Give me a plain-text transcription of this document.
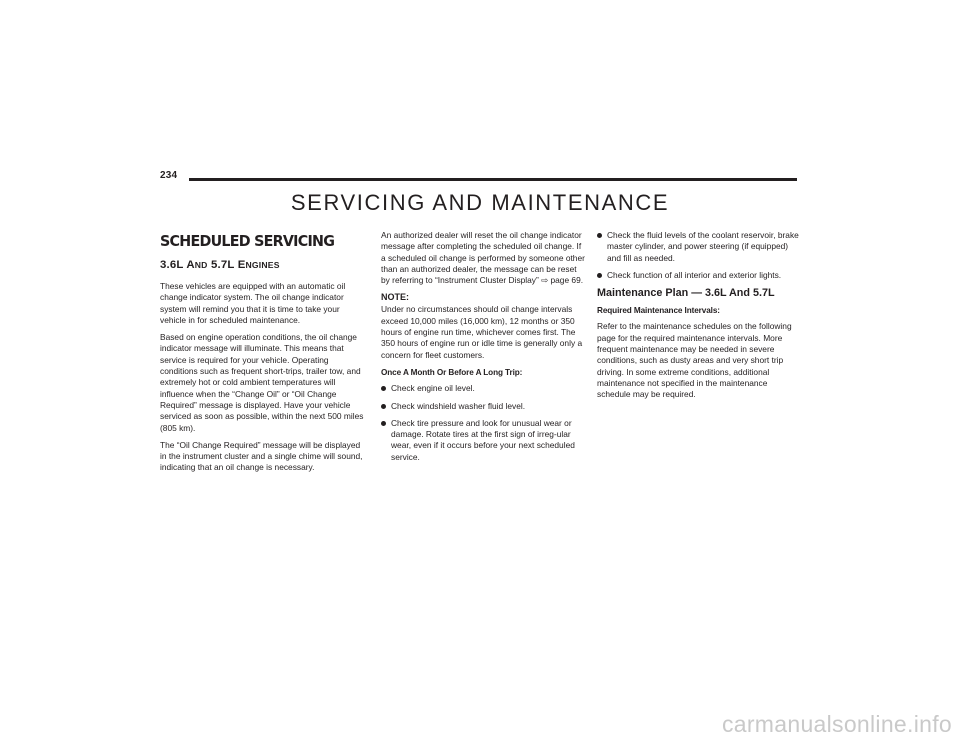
234
SERVICING AND MAINTENANCE
SCHEDULED SERVICING
3.6L AND 5.7L ENGINES

These vehicles are equipped with an automatic oil change indicator system. The oil change indicator system will remind you that it is time to take your vehicle in for scheduled maintenance.

Based on engine operation conditions, the oil change indicator message will illuminate. This means that service is required for your vehicle. Operating conditions such as frequent short-trips, trailer tow, and extremely hot or cold ambient temperatures will influence when the “Change Oil” or “Oil Change Required” message is displayed. Have your vehicle serviced as soon as possible, within the next 500 miles (805 km).

The “Oil Change Required” message will be displayed in the instrument cluster and a single chime will sound, indicating that an oil change is necessary.

An authorized dealer will reset the oil change indicator message after completing the scheduled oil change. If a scheduled oil change is performed by someone other than an authorized dealer, the message can be reset by referring to “Instrument Cluster Display” ⇨ page 69.

NOTE:

Under no circumstances should oil change intervals exceed 10,000 miles (16,000 km), 12 months or 350 hours of engine run time, whichever comes first. The 350 hours of engine run or idle time is generally only a concern for fleet customers.

Once A Month Or Before A Long Trip:
Check engine oil level.
Check windshield washer fluid level.
Check tire pressure and look for unusual wear or damage. Rotate tires at the first sign of irreg-ular wear, even if it occurs before your next scheduled service.
Check the fluid levels of the coolant reservoir, brake master cylinder, and power steering (if equipped) and fill as needed.
Check function of all interior and exterior lights.
Maintenance Plan — 3.6L And 5.7L
Required Maintenance Intervals:

Refer to the maintenance schedules on the following page for the required maintenance intervals. More frequent maintenance may be needed in severe conditions, such as dusty areas and very short trip driving. In some extreme conditions, additional maintenance not specified in the maintenance schedule may be required.

carmanualsonline.info
